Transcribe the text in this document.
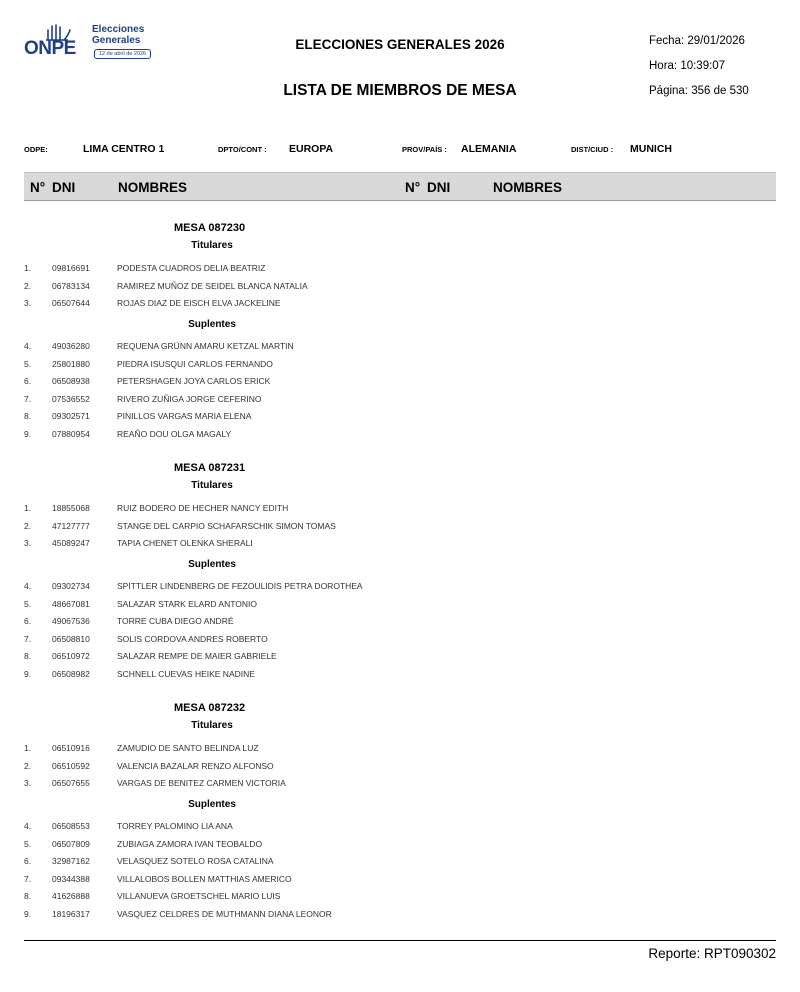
ONPE
Elecciones
Generales
12 de abril de 2026
ELECCIONES GENERALES 2026
LISTA DE MIEMBROS DE MESA
Fecha: 29/01/2026
Hora: 10:39:07
Página: 356 de 530
ODPE:	LIMA CENTRO 1	DPTO/CONT : EUROPA	PROV/PAÍS : ALEMANIA	DIST/CIUD : MUNICH
N° DNI	NOMBRES	N° DNI	NOMBRES
MESA 087230
Titulares
1. 09816691	PODESTA CUADROS DELIA BEATRIZ
2. 06783134	RAMIREZ MUÑOZ DE SEIDEL BLANCA NATALIA
3. 06507644	ROJAS DIAZ DE EISCH ELVA JACKELINE
Suplentes
4. 49036280	REQUENA GRÜNN AMARU KETZAL MARTIN
5. 25801880	PIEDRA ISUSQUI CARLOS FERNANDO
6. 06508938	PETERSHAGEN JOYA CARLOS ERICK
7. 07536552	RIVERO ZUÑIGA JORGE CEFERINO
8. 09302571	PINILLOS VARGAS MARIA ELENA
9. 07880954	REAÑO DOU OLGA MAGALY
MESA 087231
Titulares
1. 18855068	RUIZ BODERO DE HECHER NANCY EDITH
2. 47127777	STANGE DEL CARPIO SCHAFARSCHIK SIMON TOMAS
3. 45089247	TAPIA CHENET OLENKA SHERALI
Suplentes
4. 09302734	SPITTLER LINDENBERG DE FEZOULIDIS PETRA DOROTHEA
5. 48667081	SALAZAR STARK ELARD ANTONIO
6. 49067536	TORRE CUBA DIEGO ANDRÉ
7. 06508810	SOLIS CORDOVA ANDRES ROBERTO
8. 06510972	SALAZAR REMPE DE MAIER GABRIELE
9. 06508982	SCHNELL CUEVAS HEIKE NADINE
MESA 087232
Titulares
1. 06510916	ZAMUDIO DE SANTO BELINDA LUZ
2. 06510592	VALENCIA BAZALAR RENZO ALFONSO
3. 06507655	VARGAS DE BENITEZ CARMEN VICTORIA
Suplentes
4. 06508553	TORREY PALOMINO LIA ANA
5. 06507809	ZUBIAGA ZAMORA IVAN TEOBALDO
6. 32987162	VELASQUEZ SOTELO ROSA CATALINA
7. 09344388	VILLALOBOS BOLLEN MATTHIAS AMERICO
8. 41626888	VILLANUEVA GROETSCHEL MARIO LUIS
9. 18196317	VASQUEZ CELDRES DE MUTHMANN DIANA LEONOR
Reporte: RPT090302
